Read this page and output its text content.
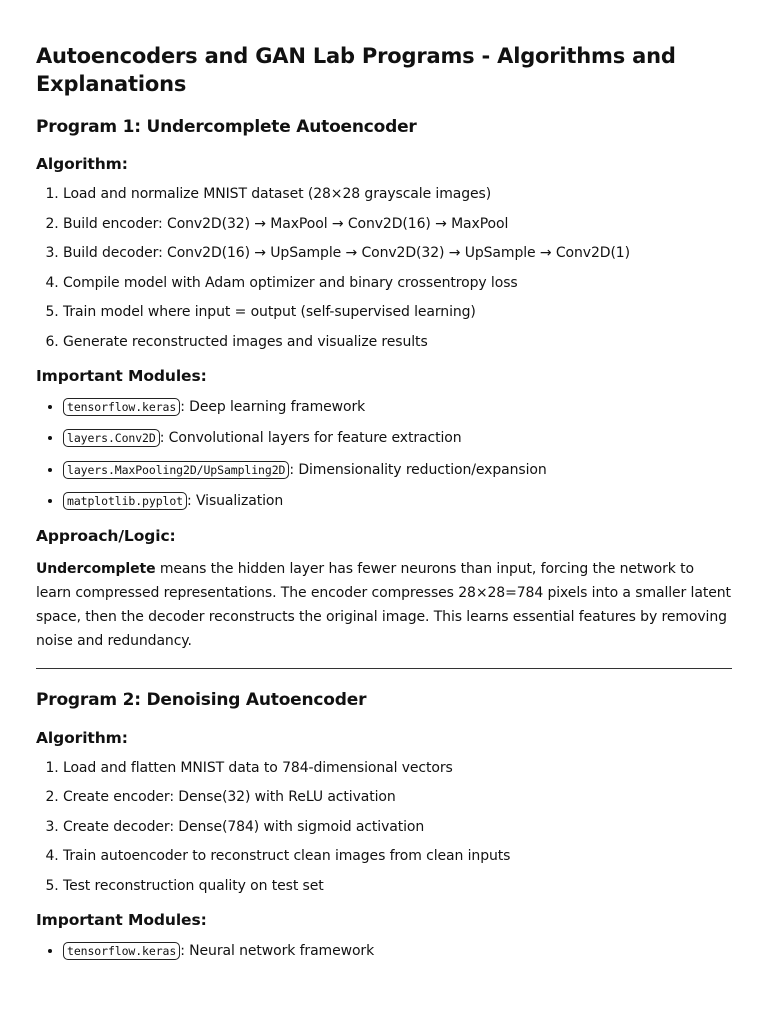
Autoencoders and GAN Lab Programs - Algorithms and Explanations
Program 1: Undercomplete Autoencoder
Algorithm:
1. Load and normalize MNIST dataset (28×28 grayscale images)
2. Build encoder: Conv2D(32) → MaxPool → Conv2D(16) → MaxPool
3. Build decoder: Conv2D(16) → UpSample → Conv2D(32) → UpSample → Conv2D(1)
4. Compile model with Adam optimizer and binary crossentropy loss
5. Train model where input = output (self-supervised learning)
6. Generate reconstructed images and visualize results
Important Modules:
• tensorflow.keras : Deep learning framework
• layers.Conv2D : Convolutional layers for feature extraction
• layers.MaxPooling2D/UpSampling2D : Dimensionality reduction/expansion
• matplotlib.pyplot : Visualization
Approach/Logic:

Undercomplete means the hidden layer has fewer neurons than input, forcing the network to learn compressed representations. The encoder compresses 28×28=784 pixels into a smaller latent space, then the decoder reconstructs the original image. This learns essential features by removing noise and redundancy.

Program 2: Denoising Autoencoder
Algorithm:
1. Load and flatten MNIST data to 784-dimensional vectors
2. Create encoder: Dense(32) with ReLU activation
3. Create decoder: Dense(784) with sigmoid activation
4. Train autoencoder to reconstruct clean images from clean inputs
5. Test reconstruction quality on test set
Important Modules:
• tensorflow.keras : Neural network framework
